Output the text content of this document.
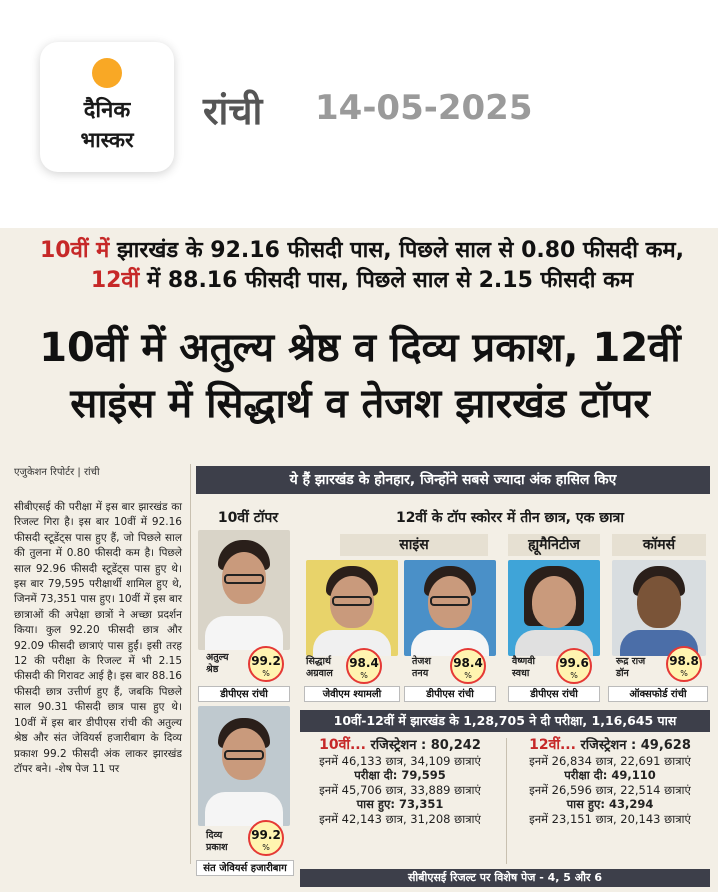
दैनिक
भास्कर
रांची 14-05-2025
10वीं में झारखंड के 92.16 फीसदी पास, पिछले साल से 0.80 फीसदी कम, 12वीं में 88.16 फीसदी पास, पिछले साल से 2.15 फीसदी कम
10वीं में अतुल्य श्रेष्ठ व दिव्य प्रकाश, 12वीं साइंस में सिद्धार्थ व तेजश झारखंड टॉपर
एजुकेशन रिपोर्टर | रांची
सीबीएसई की परीक्षा में इस बार झारखंड का रिजल्ट गिरा है। इस बार 10वीं में 92.16 फीसदी स्टूडेंट्स पास हुए हैं, जो पिछले साल की तुलना में 0.80 फीसदी कम है। पिछले साल 92.96 फीसदी स्टूडेंट्स पास हुए थे। इस बार 79,595 परीक्षार्थी शामिल हुए थे, जिनमें 73,351 पास हुए। 10वीं में इस बार छात्राओं की अपेक्षा छात्रों ने अच्छा प्रदर्शन किया। कुल 92.20 फीसदी छात्र और 92.09 फीसदी छात्राएं पास हुईं। इसी तरह 12 की परीक्षा के रिजल्ट में भी 2.15 फीसदी की गिरावट आई है। इस बार 88.16 फीसदी छात्र उत्तीर्ण हुए हैं, जबकि पिछले साल 90.31 फीसदी छात्र पास हुए थे। 10वीं में इस बार डीपीएस रांची की अतुल्य श्रेष्ठ और संत जेवियर्स हजारीबाग के दिव्य प्रकाश 99.2 फीसदी अंक लाकर झारखंड टॉपर बने। -शेष पेज 11 पर
ये हैं झारखंड के होनहार, जिन्होंने सबसे ज्यादा अंक हासिल किए
10वीं टॉपर	12वीं के टॉप स्कोरर में तीन छात्र, एक छात्रा
साइंस	ह्यूमैनिटीज	कॉमर्स
अतुल्य
श्रेष्ठ
99.2
%
डीपीएस रांची
दिव्य
प्रकाश
99.2
%
संत जेवियर्स हजारीबाग
सिद्धार्थ
अग्रवाल
98.4
%
जेवीएम श्यामली
तेजश
तनय
98.4
%
डीपीएस रांची
वैष्णवी
स्वधा
99.6
%
डीपीएस रांची
रूद्र राज
डॉन
98.8
%
ऑक्सफोर्ड रांची
10वीं-12वीं में झारखंड के 1,28,705 ने दी परीक्षा, 1,16,645 पास
10वीं... रजिस्ट्रेशन : 80,242
इनमें 46,133 छात्र, 34,109 छात्राएं
परीक्षा दी: 79,595
इनमें 45,706 छात्र, 33,889 छात्राएं
पास हुए: 73,351
इनमें 42,143 छात्र, 31,208 छात्राएं
12वीं... रजिस्ट्रेशन : 49,628
इनमें 26,834 छात्र, 22,691 छात्राएं
परीक्षा दी: 49,110
इनमें 26,596 छात्र, 22,514 छात्राएं
पास हुए: 43,294
इनमें 23,151 छात्र, 20,143 छात्राएं
सीबीएसई रिजल्ट पर विशेष पेज - 4, 5 और 6
